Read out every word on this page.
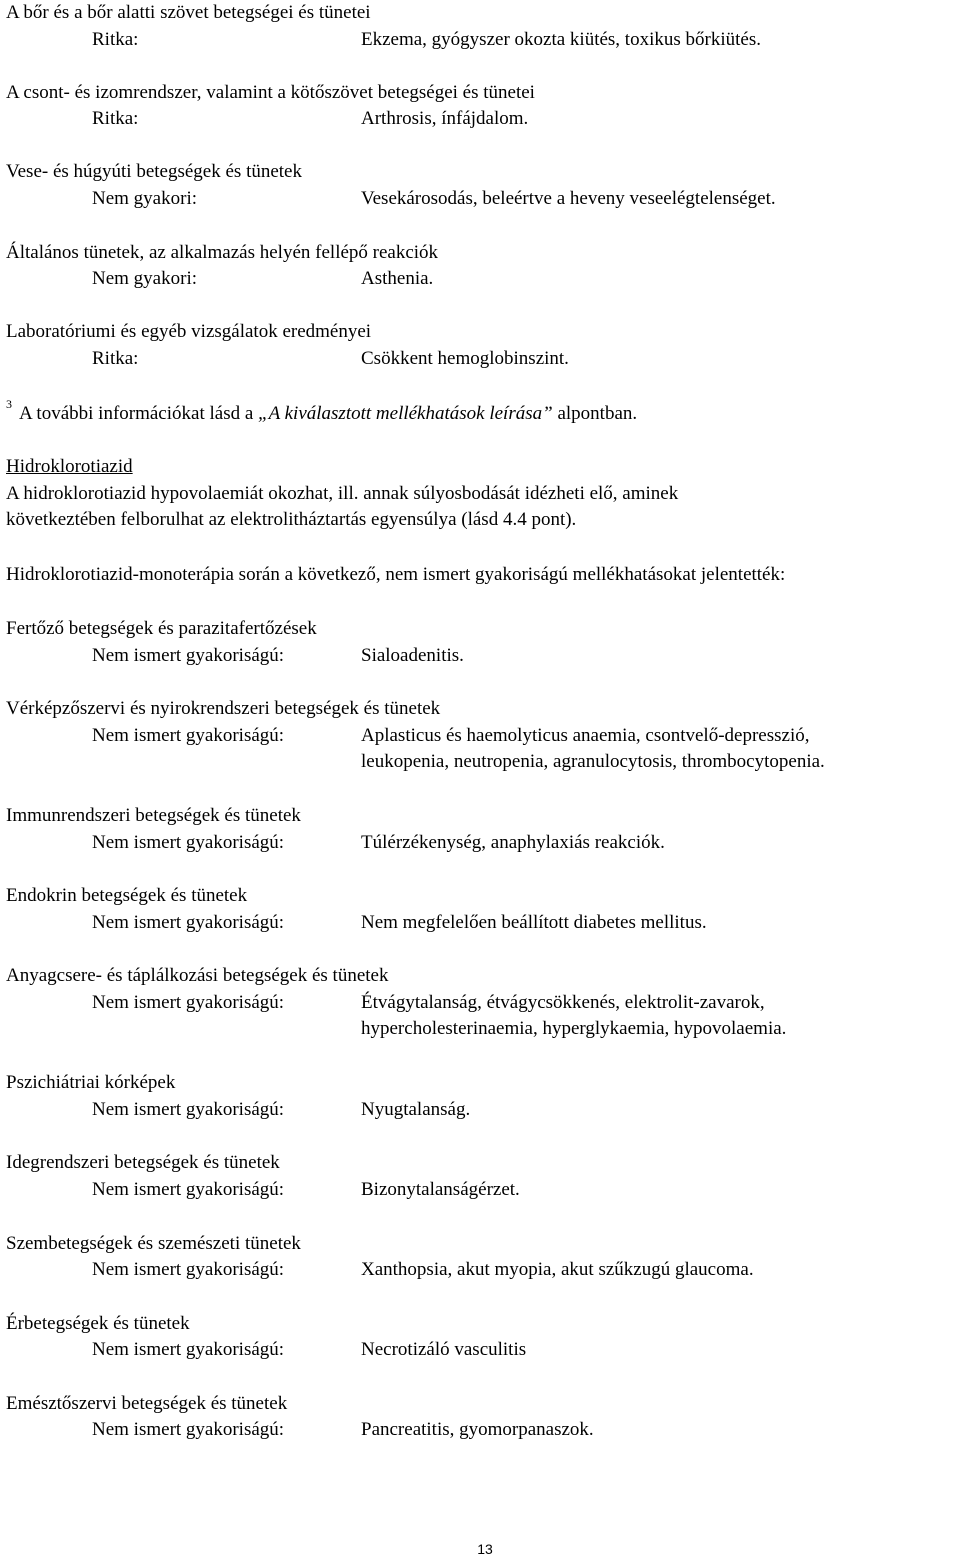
A bőr és a bőr alatti szövet betegségei és tünetei
Ritka:	Ekzema, gyógyszer okozta kiütés, toxikus bőrkiütés.
A csont- és izomrendszer, valamint a kötőszövet betegségei és tünetei
Ritka:	Arthrosis, ínfájdalom.
Vese- és húgyúti betegségek és tünetek
Nem gyakori:	Vesekárosodás, beleértve a heveny veseelégtelenséget.
Általános tünetek, az alkalmazás helyén fellépő reakciók
Nem gyakori:	Asthenia.
Laboratóriumi és egyéb vizsgálatok eredményei
Ritka:	Csökkent hemoglobinszint.
3 A további információkat lásd a „A kiválasztott mellékhatások leírása” alpontban.
Hidroklorotiazid
A hidroklorotiazid hypovolaemiát okozhat, ill. annak súlyosbodását idézheti elő, aminek
következtében felborulhat az elektrolitháztartás egyensúlya (lásd 4.4 pont).
Hidroklorotiazid-monoterápia során a következő, nem ismert gyakoriságú mellékhatásokat jelentették:
Fertőző betegségek és parazitafertőzések
Nem ismert gyakoriságú:	Sialoadenitis.
Vérképzőszervi és nyirokrendszeri betegségek és tünetek
Nem ismert gyakoriságú:	Aplasticus és haemolyticus anaemia, csontvelő-depresszió,
leukopenia, neutropenia, agranulocytosis, thrombocytopenia.
Immunrendszeri betegségek és tünetek
Nem ismert gyakoriságú:	Túlérzékenység, anaphylaxiás reakciók.
Endokrin betegségek és tünetek
Nem ismert gyakoriságú:	Nem megfelelően beállított diabetes mellitus.
Anyagcsere- és táplálkozási betegségek és tünetek
Nem ismert gyakoriságú:	Étvágytalanság, étvágycsökkenés, elektrolit-zavarok,
hypercholesterinaemia, hyperglykaemia, hypovolaemia.
Pszichiátriai kórképek
Nem ismert gyakoriságú:	Nyugtalanság.
Idegrendszeri betegségek és tünetek
Nem ismert gyakoriságú:	Bizonytalanságérzet.
Szembetegségek és szemészeti tünetek
Nem ismert gyakoriságú:	Xanthopsia, akut myopia, akut szűkzugú glaucoma.
Érbetegségek és tünetek
Nem ismert gyakoriságú:	Necrotizáló vasculitis
Emésztőszervi betegségek és tünetek
Nem ismert gyakoriságú:	Pancreatitis, gyomorpanaszok.
13
